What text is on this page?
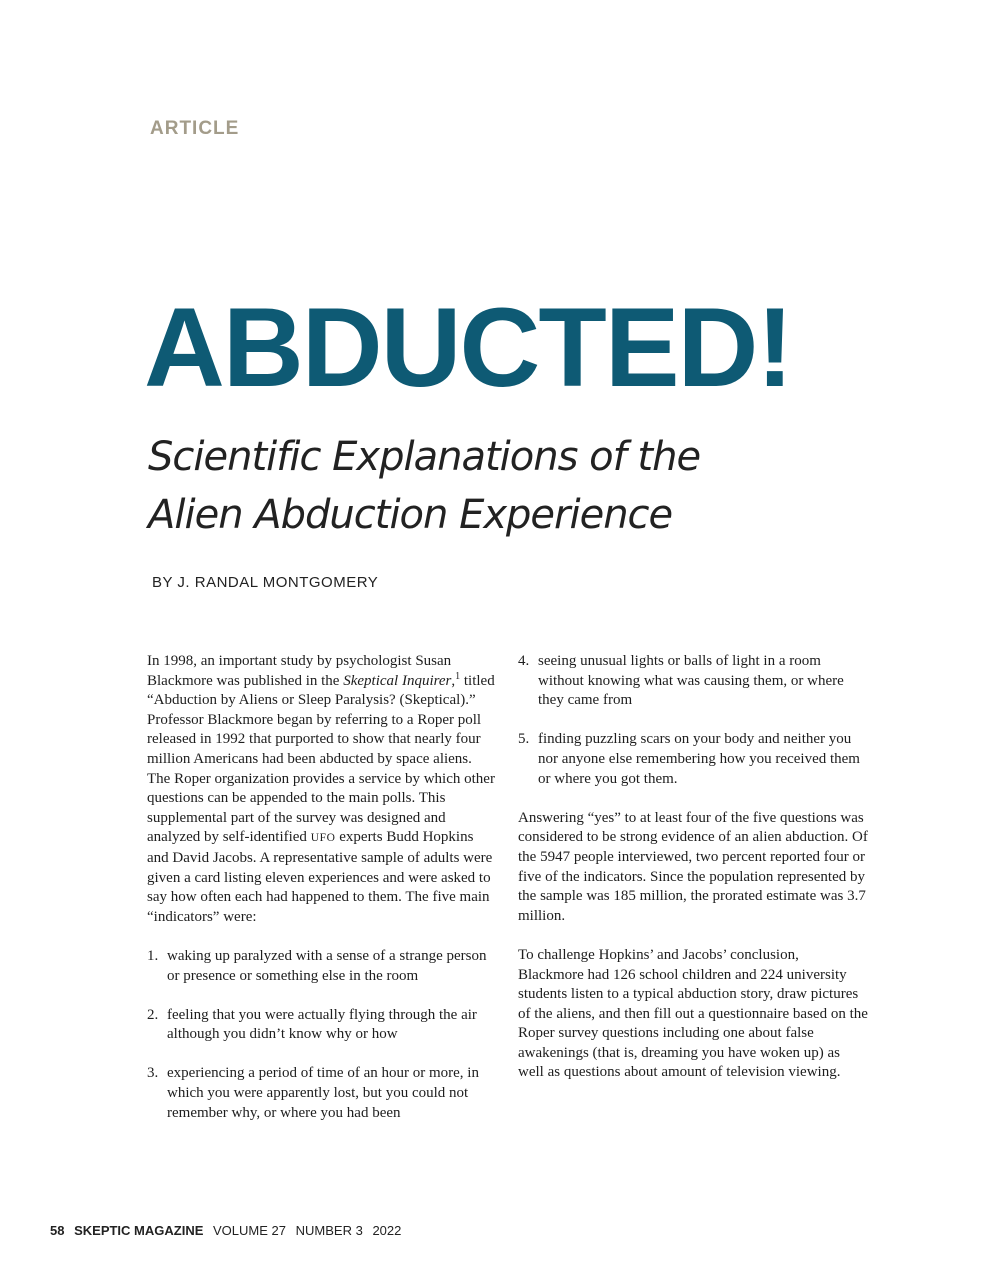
ARTICLE
ABDUCTED!
Scientific Explanations of the
Alien Abduction Experience
BY J. RANDAL MONTGOMERY

In 1998, an important study by psychologist Susan Blackmore was published in the Skeptical Inquirer,$^1$ titled “Abduction by Aliens or Sleep Paralysis? (Skeptical).” Professor Blackmore began by referring to a Roper poll released in 1992 that purported to show that nearly four million Americans had been abducted by space aliens. The Roper organization provides a service by which other questions can be appended to the main polls. This supplemental part of the survey was designed and analyzed by self-identified UFO experts Budd Hopkins and David Jacobs. A representative sample of adults were given a card listing eleven experiences and were asked to say how often each had happened to them. The five main “indicators” were:

1. waking up paralyzed with a sense of a strange person or presence or something else in the room
2. feeling that you were actually flying through the air although you didn’t know why or how
3. experiencing a period of time of an hour or more, in which you were apparently lost, but you could not remember why, or where you had been
4. seeing unusual lights or balls of light in a room without knowing what was causing them, or where they came from
5. finding puzzling scars on your body and neither you nor anyone else remembering how you received them or where you got them.

Answering “yes” to at least four of the five questions was considered to be strong evidence of an alien abduction. Of the 5947 people interviewed, two percent reported four or five of the indicators. Since the population represented by the sample was 185 million, the prorated estimate was 3.7 million.

To challenge Hopkins’ and Jacobs’ conclusion, Blackmore had 126 school children and 224 university students listen to a typical abduction story, draw pictures of the aliens, and then fill out a questionnaire based on the Roper survey questions including one about false awakenings (that is, dreaming you have woken up) as well as questions about amount of television viewing.

58 SKEPTIC MAGAZINE VOLUME 27 NUMBER 3 2022
